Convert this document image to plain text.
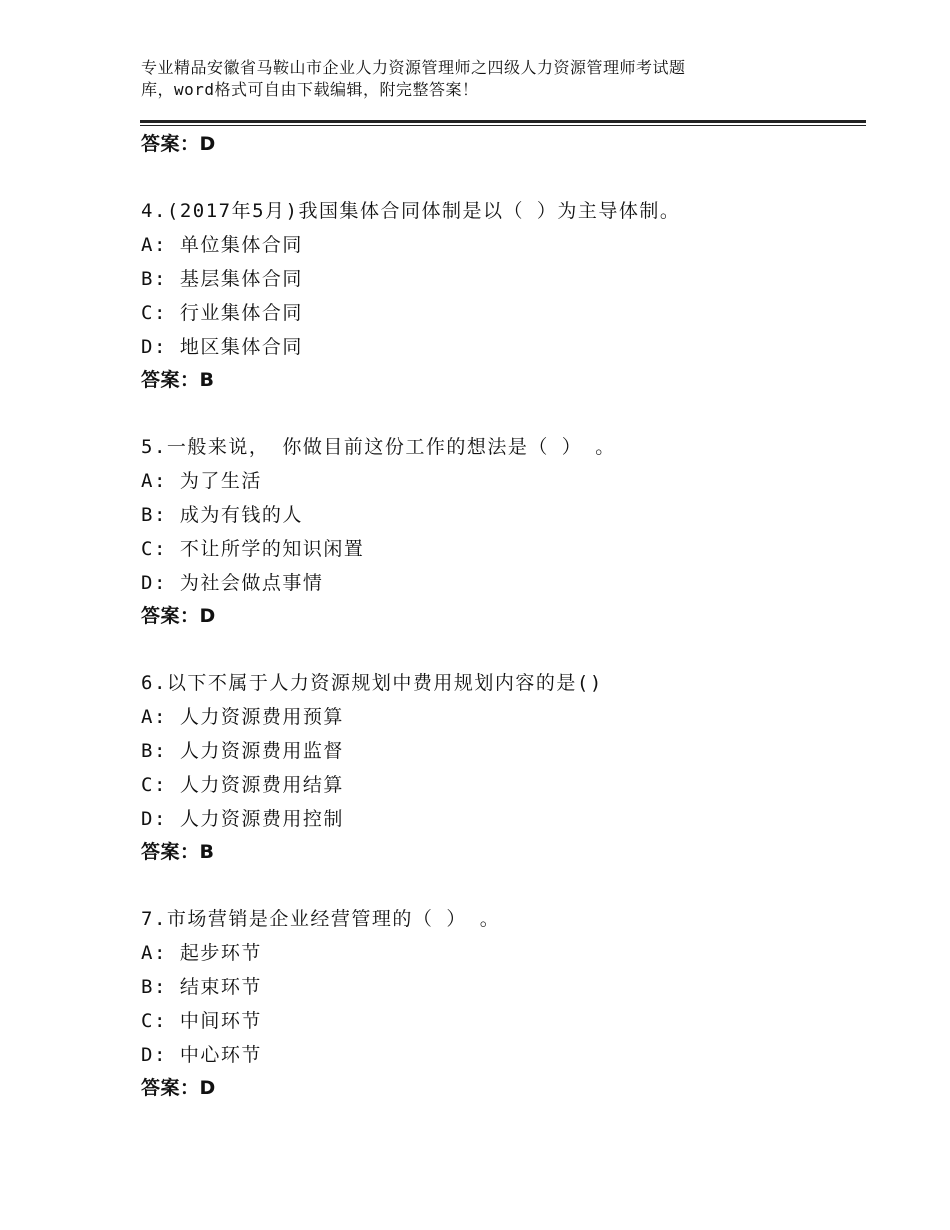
专业精品安徽省马鞍山市企业人力资源管理师之四级人力资源管理师考试题
库，word格式可自由下载编辑，附完整答案！
答案：D
4.(2017年5月)我国集体合同体制是以（ ）为主导体制。
A: 单位集体合同
B: 基层集体合同
C: 行业集体合同
D: 地区集体合同
答案：B
5.一般来说， 你做目前这份工作的想法是（ ） 。
A: 为了生活
B: 成为有钱的人
C: 不让所学的知识闲置
D: 为社会做点事情
答案：D
6.以下不属于人力资源规划中费用规划内容的是()
A: 人力资源费用预算
B: 人力资源费用监督
C: 人力资源费用结算
D: 人力资源费用控制
答案：B
7.市场营销是企业经营管理的（ ） 。
A: 起步环节
B: 结束环节
C: 中间环节
D: 中心环节
答案：D
